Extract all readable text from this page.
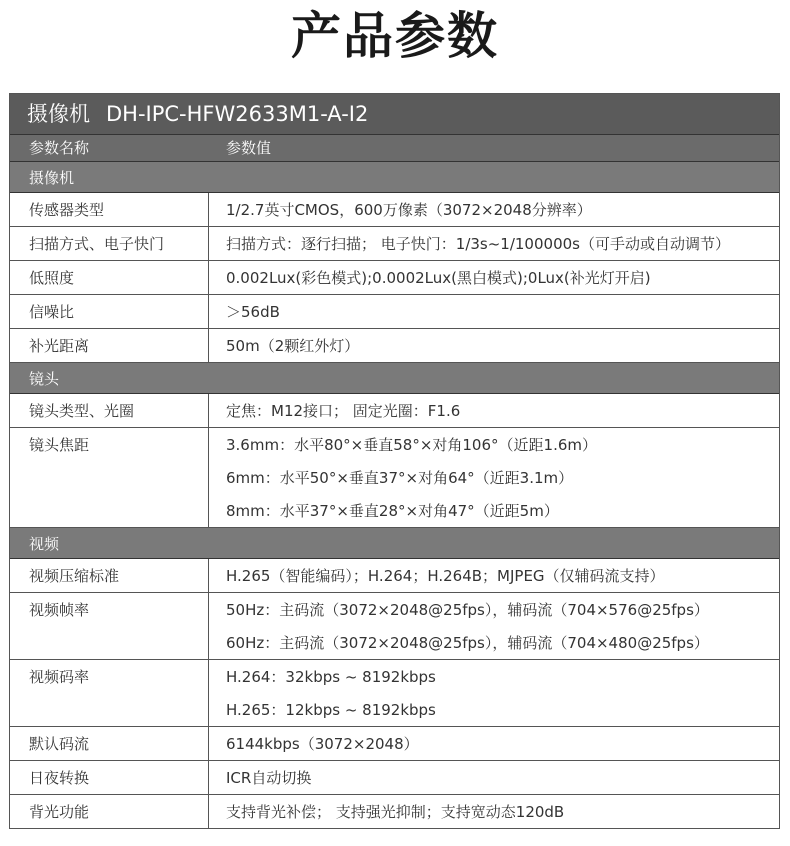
产品参数
摄像机 DH-IPC-HFW2633M1-A-I2
参数名称	参数值
摄像机
传感器类型	1/2.7英寸CMOS，600万像素（3072×2048分辨率）
扫描方式、电子快门	扫描方式：逐行扫描； 电子快门：1/3s~1/100000s（可手动或自动调节）
低照度	0.002Lux(彩色模式);0.0002Lux(黑白模式);0Lux(补光灯开启)
信噪比	＞56dB
补光距离	50m（2颗红外灯）
镜头
镜头类型、光圈	定焦：M12接口； 固定光圈：F1.6
镜头焦距	3.6mm：水平80°×垂直58°×对角106°（近距1.6m）
6mm：水平50°×垂直37°×对角64°（近距3.1m）
8mm：水平37°×垂直28°×对角47°（近距5m）
视频
视频压缩标准	H.265（智能编码）；H.264；H.264B；MJPEG（仅辅码流支持）
视频帧率	50Hz：主码流（3072×2048@25fps），辅码流（704×576@25fps）
60Hz：主码流（3072×2048@25fps），辅码流（704×480@25fps）
视频码率	H.264：32kbps ~ 8192kbps
H.265：12kbps ~ 8192kbps
默认码流	6144kbps（3072×2048）
日夜转换	ICR自动切换
背光功能	支持背光补偿； 支持强光抑制；支持宽动态120dB
